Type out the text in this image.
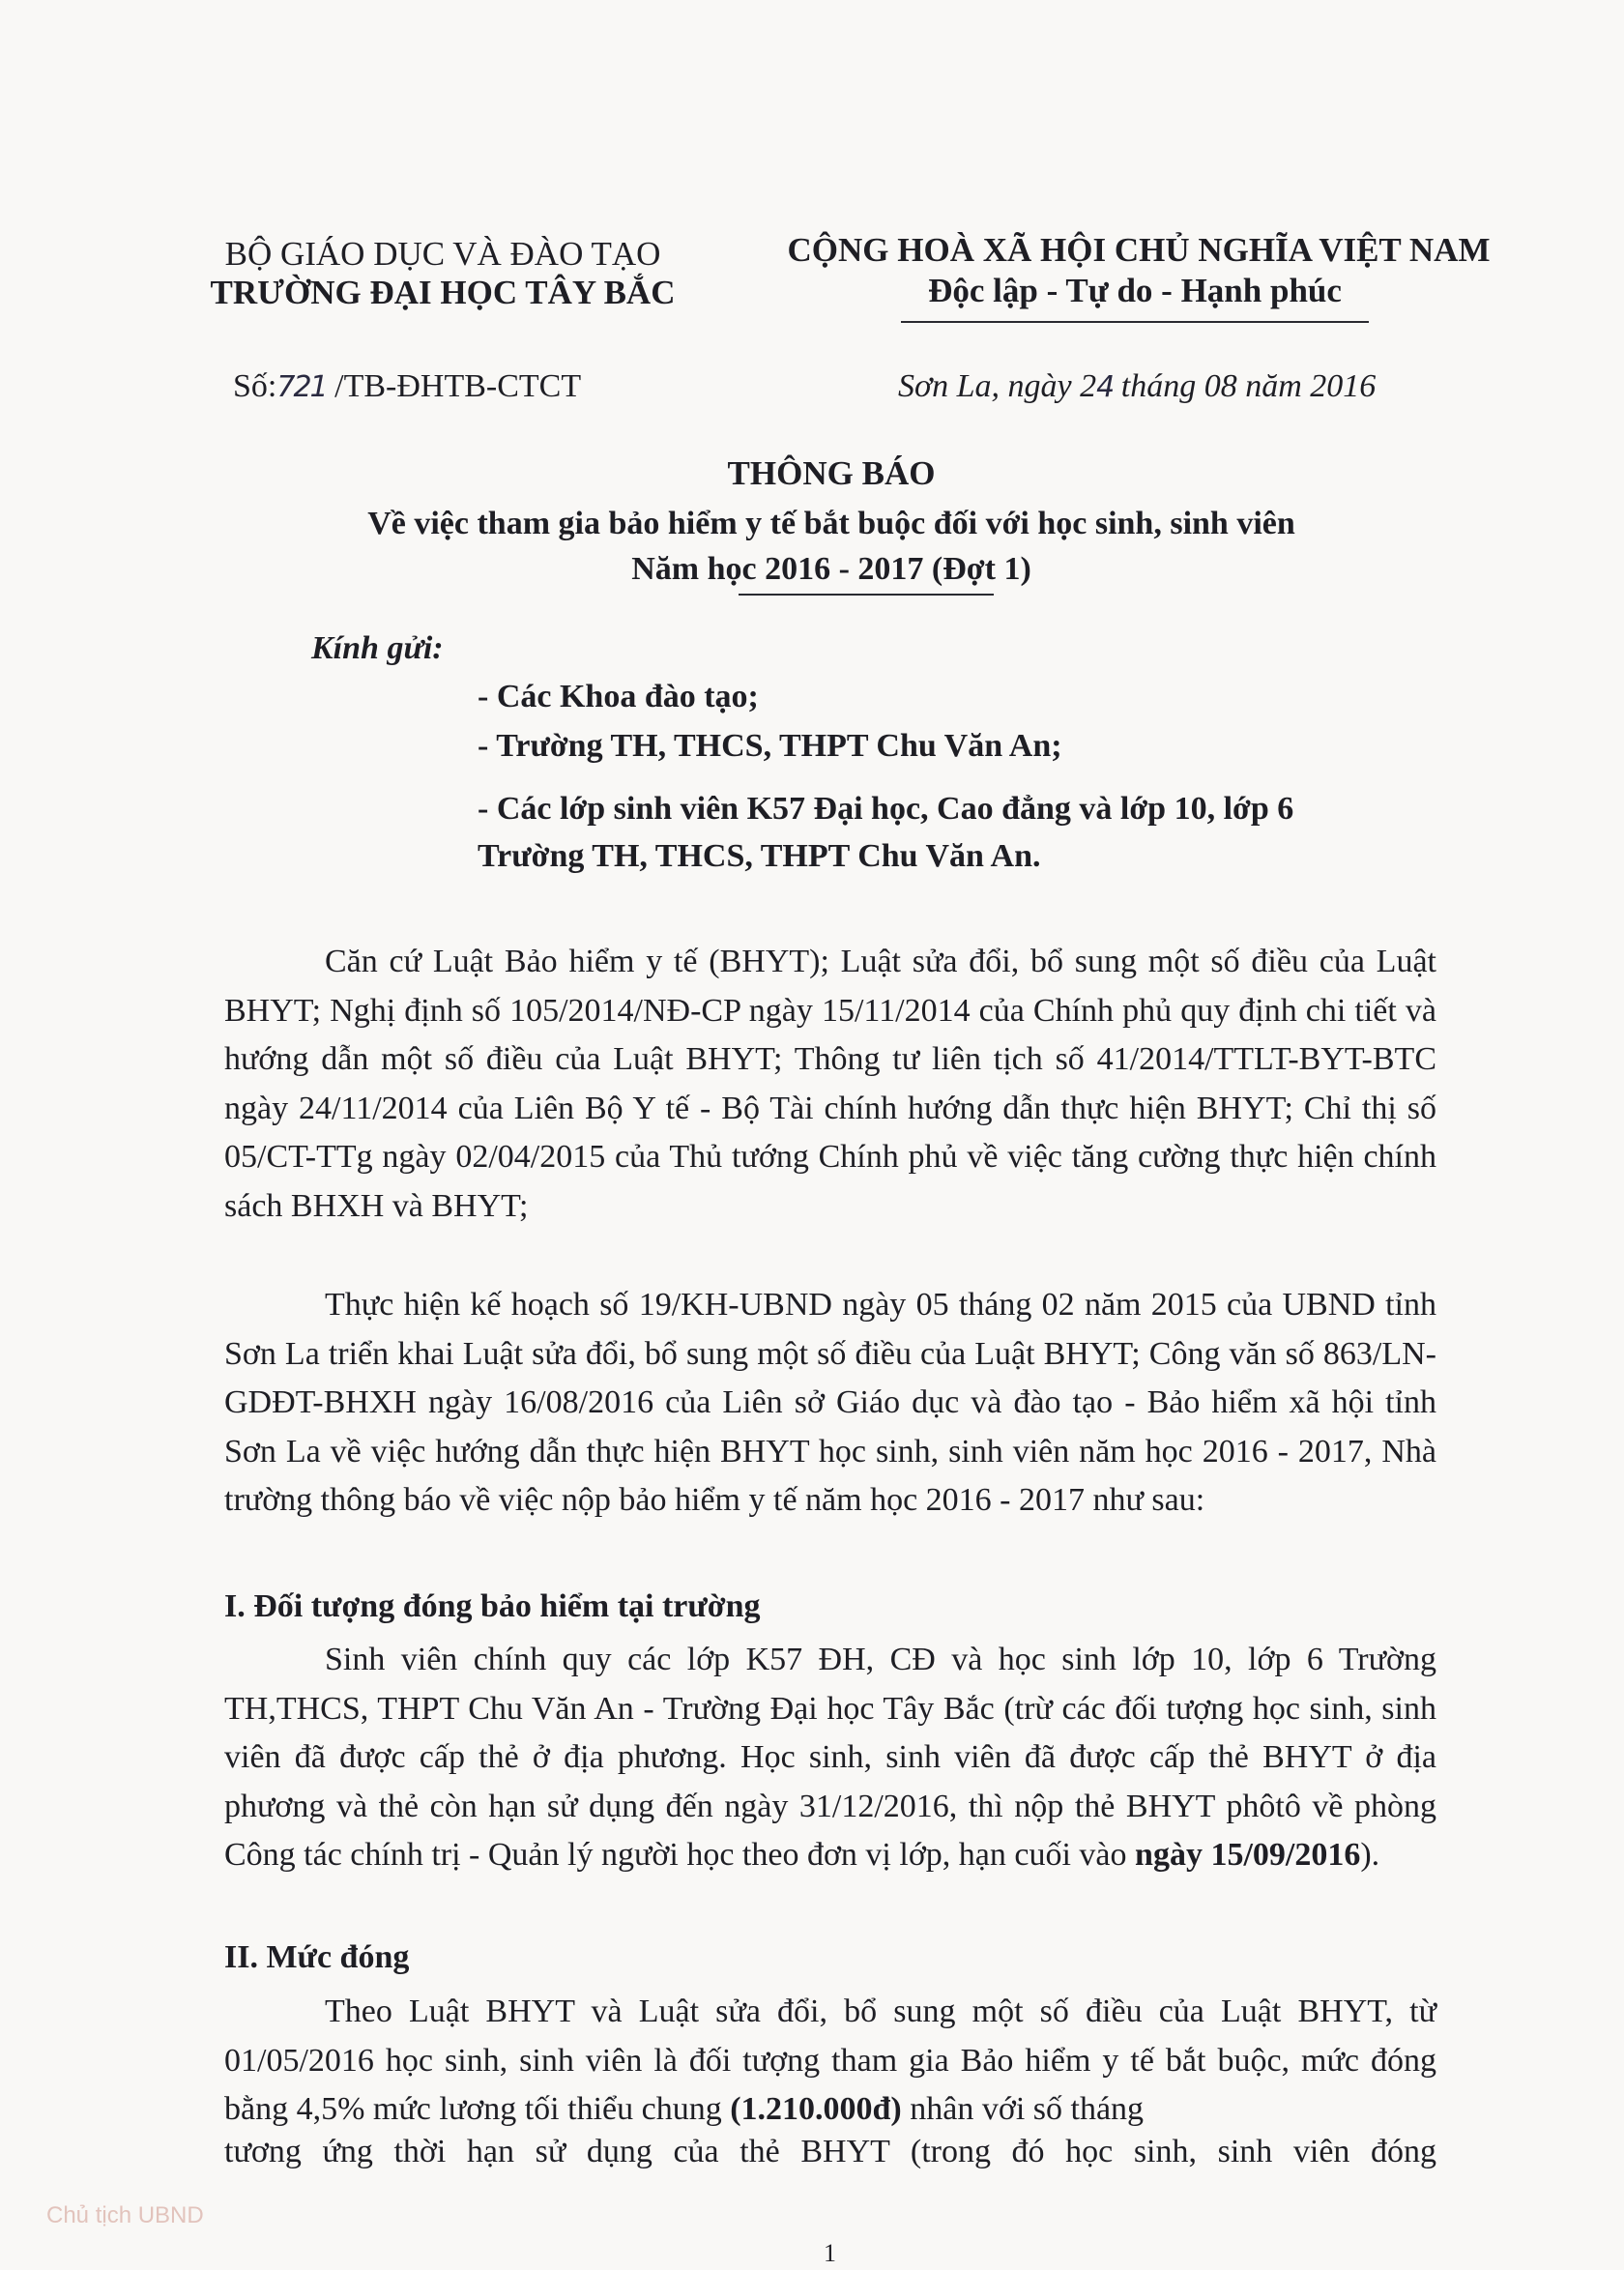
BỘ GIÁO DỤC VÀ ĐÀO TẠO
TRƯỜNG ĐẠI HỌC TÂY BẮC
CỘNG HOÀ XÃ HỘI CHỦ NGHĨA VIỆT NAM
Độc lập - Tự do - Hạnh phúc
Số:721 /TB-ĐHTB-CTCT	Sơn La, ngày 24 tháng 08 năm 2016
THÔNG BÁO
Về việc tham gia bảo hiểm y tế bắt buộc đối với học sinh, sinh viên
Năm học 2016 - 2017 (Đợt 1)
Kính gửi:
- Các Khoa đào tạo;
- Trường TH, THCS, THPT Chu Văn An;
- Các lớp sinh viên K57 Đại học, Cao đẳng và lớp 10, lớp 6
Trường TH, THCS, THPT Chu Văn An.
Căn cứ Luật Bảo hiểm y tế (BHYT); Luật sửa đổi, bổ sung một số điều của Luật BHYT; Nghị định số 105/2014/NĐ-CP ngày 15/11/2014 của Chính phủ quy định chi tiết và hướng dẫn một số điều của Luật BHYT; Thông tư liên tịch số 41/2014/TTLT-BYT-BTC ngày 24/11/2014 của Liên Bộ Y tế - Bộ Tài chính hướng dẫn thực hiện BHYT; Chỉ thị số 05/CT-TTg ngày 02/04/2015 của Thủ tướng Chính phủ về việc tăng cường thực hiện chính sách BHXH và BHYT;
Thực hiện kế hoạch số 19/KH-UBND ngày 05 tháng 02 năm 2015 của UBND tỉnh Sơn La triển khai Luật sửa đổi, bổ sung một số điều của Luật BHYT; Công văn số 863/LN-GDĐT-BHXH ngày 16/08/2016 của Liên sở Giáo dục và đào tạo - Bảo hiểm xã hội tỉnh Sơn La về việc hướng dẫn thực hiện BHYT học sinh, sinh viên năm học 2016 - 2017, Nhà trường thông báo về việc nộp bảo hiểm y tế năm học 2016 - 2017 như sau:
I. Đối tượng đóng bảo hiểm tại trường
Sinh viên chính quy các lớp K57 ĐH, CĐ và học sinh lớp 10, lớp 6 Trường TH,THCS, THPT Chu Văn An - Trường Đại học Tây Bắc (trừ các đối tượng học sinh, sinh viên đã được cấp thẻ ở địa phương. Học sinh, sinh viên đã được cấp thẻ BHYT ở địa phương và thẻ còn hạn sử dụng đến ngày 31/12/2016, thì nộp thẻ BHYT phôtô về phòng Công tác chính trị - Quản lý người học theo đơn vị lớp, hạn cuối vào ngày 15/09/2016).
II. Mức đóng
Theo Luật BHYT và Luật sửa đổi, bổ sung một số điều của Luật BHYT, từ 01/05/2016 học sinh, sinh viên là đối tượng tham gia Bảo hiểm y tế bắt buộc, mức đóng bằng 4,5% mức lương tối thiểu chung (1.210.000đ) nhân với số tháng
tương ứng thời hạn sử dụng của thẻ BHYT (trong đó học sinh, sinh viên đóng
Chủ tịch UBND
1
